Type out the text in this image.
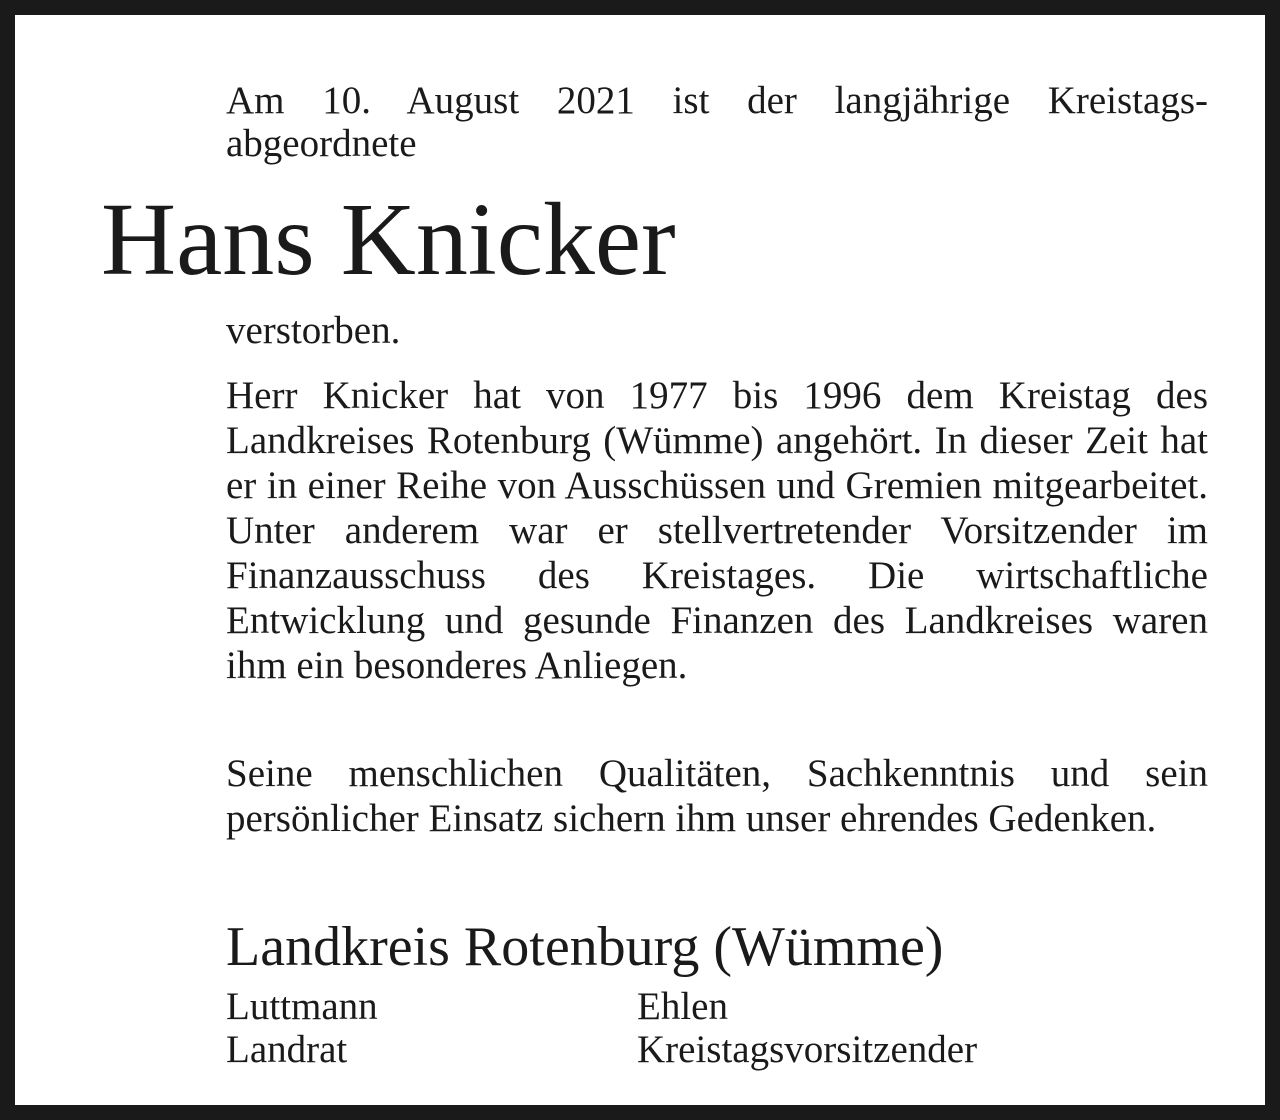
Am 10. August 2021 ist der langjährige Kreistags-
abgeordnete
Hans Knicker
verstorben.

Herr Knicker hat von 1977 bis 1996 dem Kreistag des Landkreises Rotenburg (Wümme) angehört. In dieser Zeit hat er in einer Reihe von Ausschüssen und Gremien mitgearbeitet. Unter anderem war er stellvertretender Vorsitzender im Finanzausschuss des Kreistages. Die wirtschaftliche Entwicklung und gesunde Finanzen des Landkreises waren ihm ein besonderes Anliegen.

Seine menschlichen Qualitäten, Sachkenntnis und sein persönlicher Einsatz sichern ihm unser ehrendes Gedenken.

Landkreis Rotenburg (Wümme)
Luttmann
Landrat
Ehlen
Kreistagsvorsitzender
